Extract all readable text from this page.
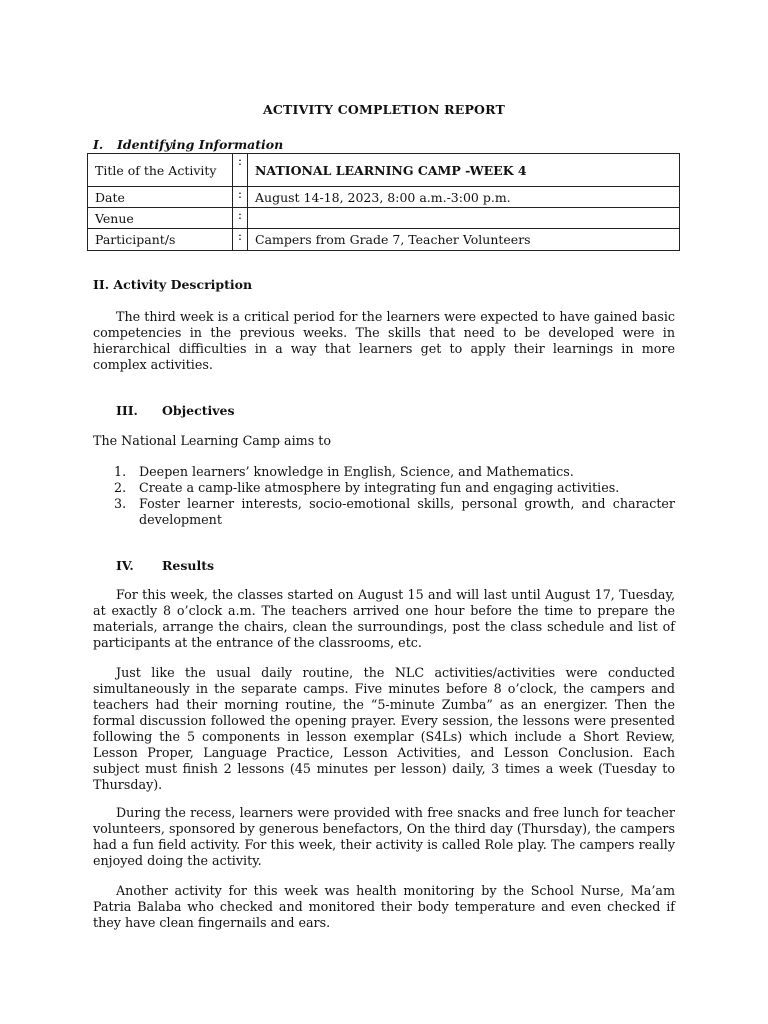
ACTIVITY COMPLETION REPORT
I. Identifying Information
Title of the Activity	:	NATIONAL LEARNING CAMP -WEEK 4
Date	:	August 14-18, 2023, 8:00 a.m.-3:00 p.m.
Venue	:	
Participant/s	:	Campers from Grade 7, Teacher Volunteers
II. Activity Description

The third week is a critical period for the learners were expected to have gained basic competencies in the previous weeks. The skills that need to be developed were in hierarchical difficulties in a way that learners get to apply their learnings in more complex activities.

III. Objectives
The National Learning Camp aims to
1. Deepen learners’ knowledge in English, Science, and Mathematics.
2. Create a camp-like atmosphere by integrating fun and engaging activities.
3. Foster learner interests, socio-emotional skills, personal growth, and character development
IV. Results

For this week, the classes started on August 15 and will last until August 17, Tuesday, at exactly 8 o’clock a.m. The teachers arrived one hour before the time to prepare the materials, arrange the chairs, clean the surroundings, post the class schedule and list of participants at the entrance of the classrooms, etc.

Just like the usual daily routine, the NLC activities/activities were conducted simultaneously in the separate camps. Five minutes before 8 o’clock, the campers and teachers had their morning routine, the “5-minute Zumba” as an energizer. Then the formal discussion followed the opening prayer. Every session, the lessons were presented following the 5 components in lesson exemplar (S4Ls) which include a Short Review, Lesson Proper, Language Practice, Lesson Activities, and Lesson Conclusion. Each subject must finish 2 lessons (45 minutes per lesson) daily, 3 times a week (Tuesday to Thursday).

During the recess, learners were provided with free snacks and free lunch for teacher volunteers, sponsored by generous benefactors, On the third day (Thursday), the campers had a fun field activity. For this week, their activity is called Role play. The campers really enjoyed doing the activity.

Another activity for this week was health monitoring by the School Nurse, Ma’am Patria Balaba who checked and monitored their body temperature and even checked if they have clean fingernails and ears.
